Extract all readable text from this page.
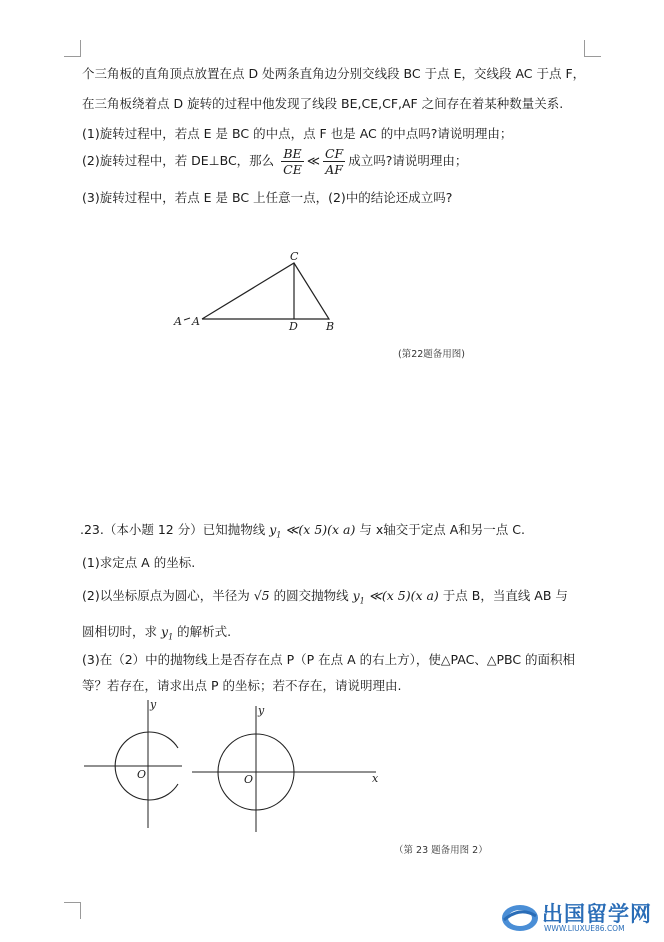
个三角板的直角顶点放置在点 D 处两条直角边分别交线段 BC 于点 E，交线段 AC 于点 F，
在三角板绕着点 D 旋转的过程中他发现了线段 BE,CE,CF,AF 之间存在着某种数量关系.
(1)旋转过程中，若点 E 是 BC 的中点，点 F 也是 AC 的中点吗?请说明理由；
(2)旋转过程中，若 DE⊥BC，那么 $\frac{BE}{CE}$ ≪ $\frac{CF}{AF}$ 成立吗?请说明理由；
(3)旋转过程中，若点 E 是 BC 上任意一点，(2)中的结论还成立吗?
C
A A	D	B
(第22题备用图)
.23.（本小题 12 分）已知抛物线 $y_1$ ≪(x 5)(x a) 与 x轴交于定点 A和另一点 C.
(1)求定点 A 的坐标.
(2)以坐标原点为圆心，半径为 √5 的圆交抛物线 $y_1$ ≪(x 5)(x a) 于点 B，当直线 AB 与
圆相切时，求 $y_1$ 的解析式.
(3)在（2）中的抛物线上是否存在点 P（P 在点 A 的右上方），使△PAC、△PBC 的面积相
等？若存在，请求出点 P 的坐标；若不存在，请说明理由.
y
O
y
O	x
（第 23 题备用图 2）
出国留学网
WWW.LIUXUE86.COM
